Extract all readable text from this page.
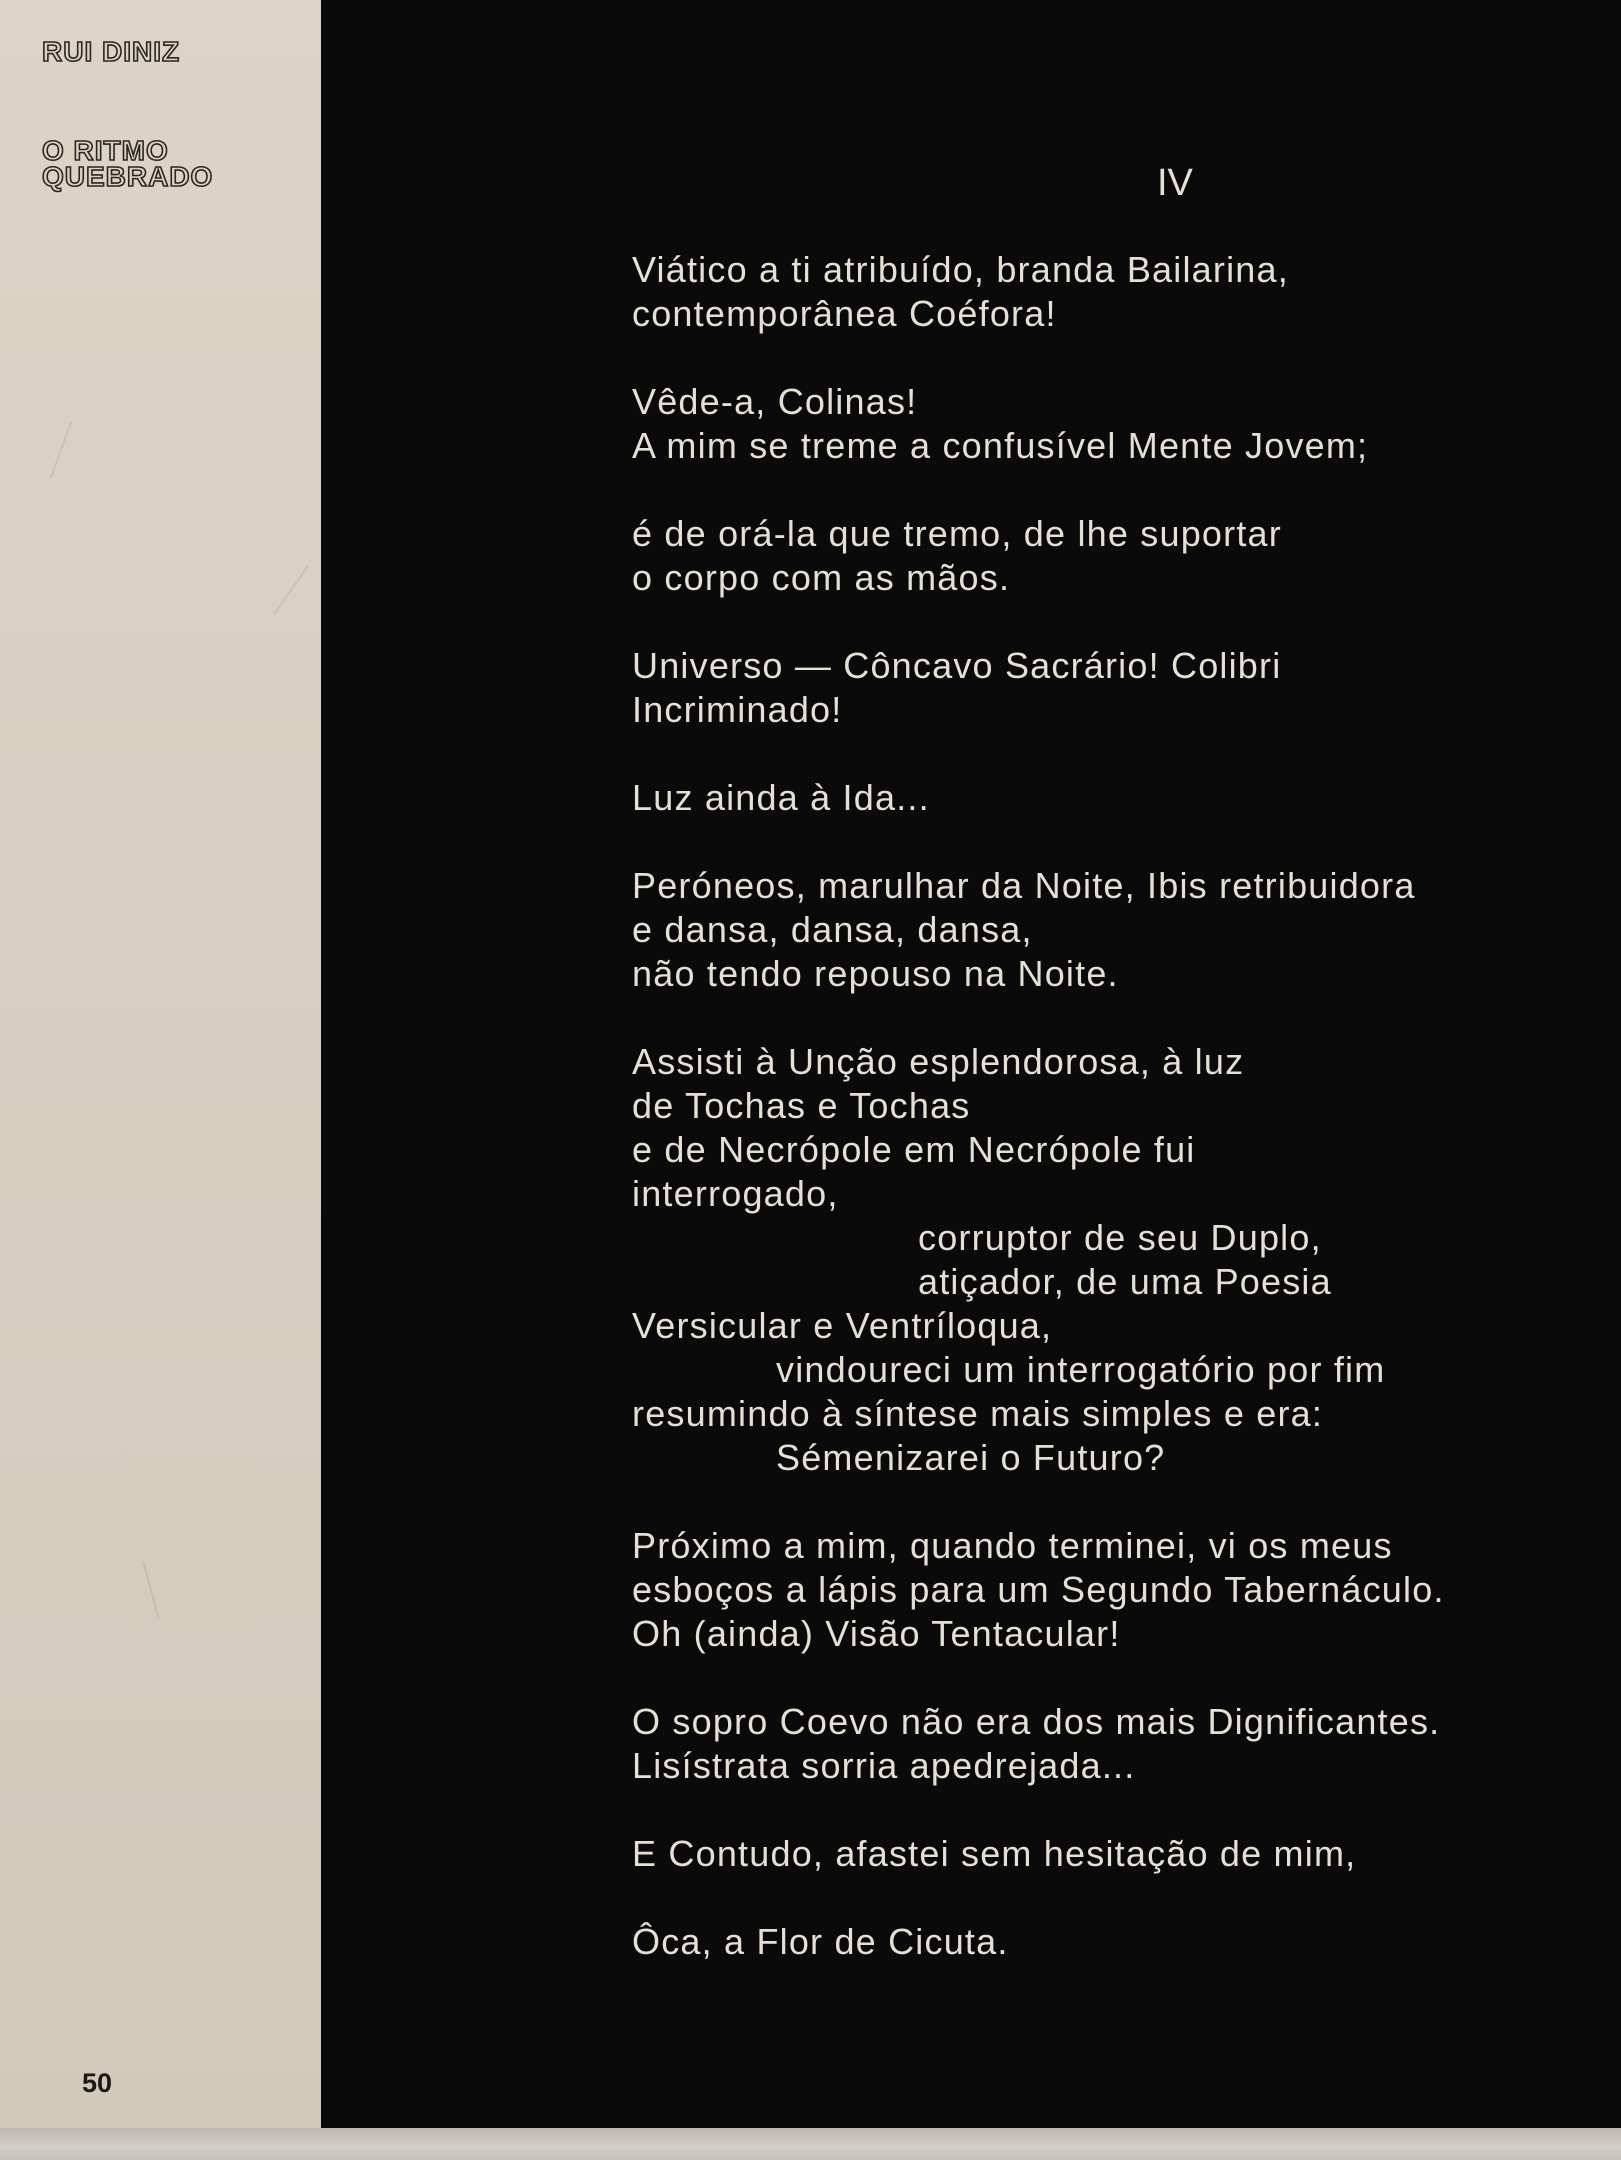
RUI DINIZ
O RITMO
QUEBRADO
50
IV
Viático a ti atribuído, branda Bailarina,
contemporânea Coéfora!
Vêde-a, Colinas!
A mim se treme a confusível Mente Jovem;
é de orá-la que tremo, de lhe suportar
o corpo com as mãos.
Universo — Côncavo Sacrário! Colibri
Incriminado!
Luz ainda à Ida...
Peróneos, marulhar da Noite, Ibis retribuidora
e dansa, dansa, dansa,
não tendo repouso na Noite.
Assisti à Unção esplendorosa, à luz
de Tochas e Tochas
e de Necrópole em Necrópole fui
interrogado,
corruptor de seu Duplo,
atiçador, de uma Poesia
Versicular e Ventríloqua,
vindoureci um interrogatório por fim
resumindo à síntese mais simples e era:
Sémenizarei o Futuro?
Próximo a mim, quando terminei, vi os meus
esboços a lápis para um Segundo Tabernáculo.
Oh (ainda) Visão Tentacular!
O sopro Coevo não era dos mais Dignificantes.
Lisístrata sorria apedrejada...
E Contudo, afastei sem hesitação de mim,
Ôca, a Flor de Cicuta.
